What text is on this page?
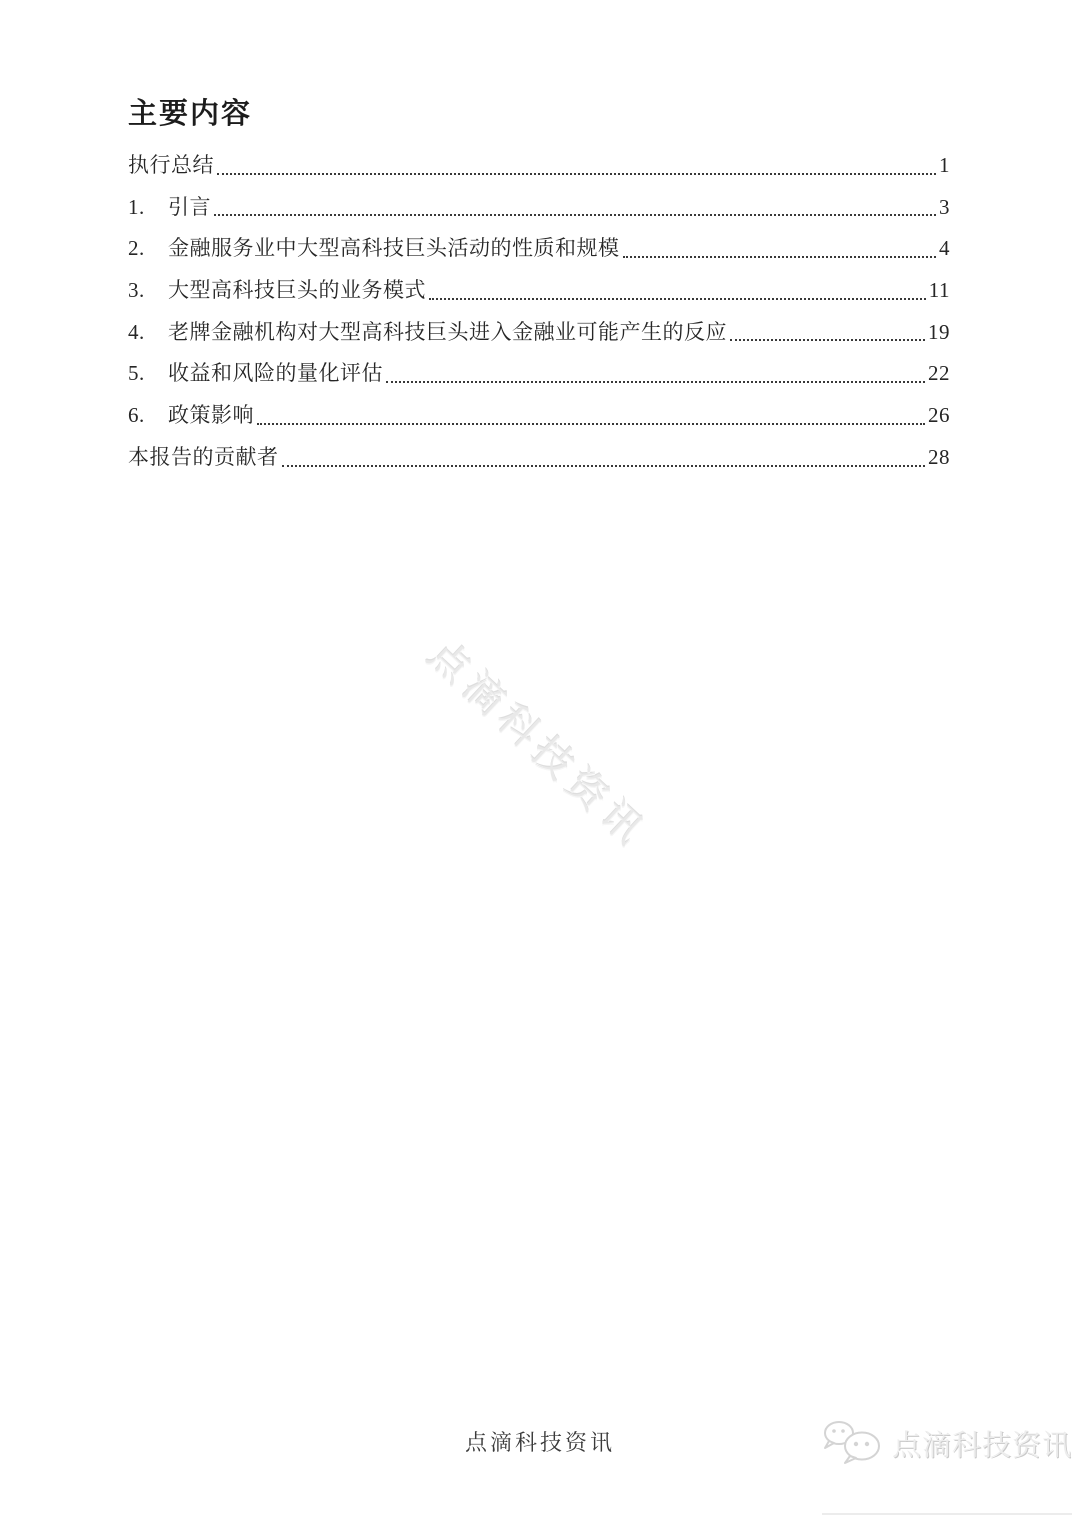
主要内容
执行总结	1
1.	引言	3
2.	金融服务业中大型高科技巨头活动的性质和规模	4
3.	大型高科技巨头的业务模式	11
4.	老牌金融机构对大型高科技巨头进入金融业可能产生的反应	19
5.	收益和风险的量化评估	22
6.	政策影响	26
本报告的贡献者	28
点滴科技资讯
点滴科技资讯	点滴科技资讯
